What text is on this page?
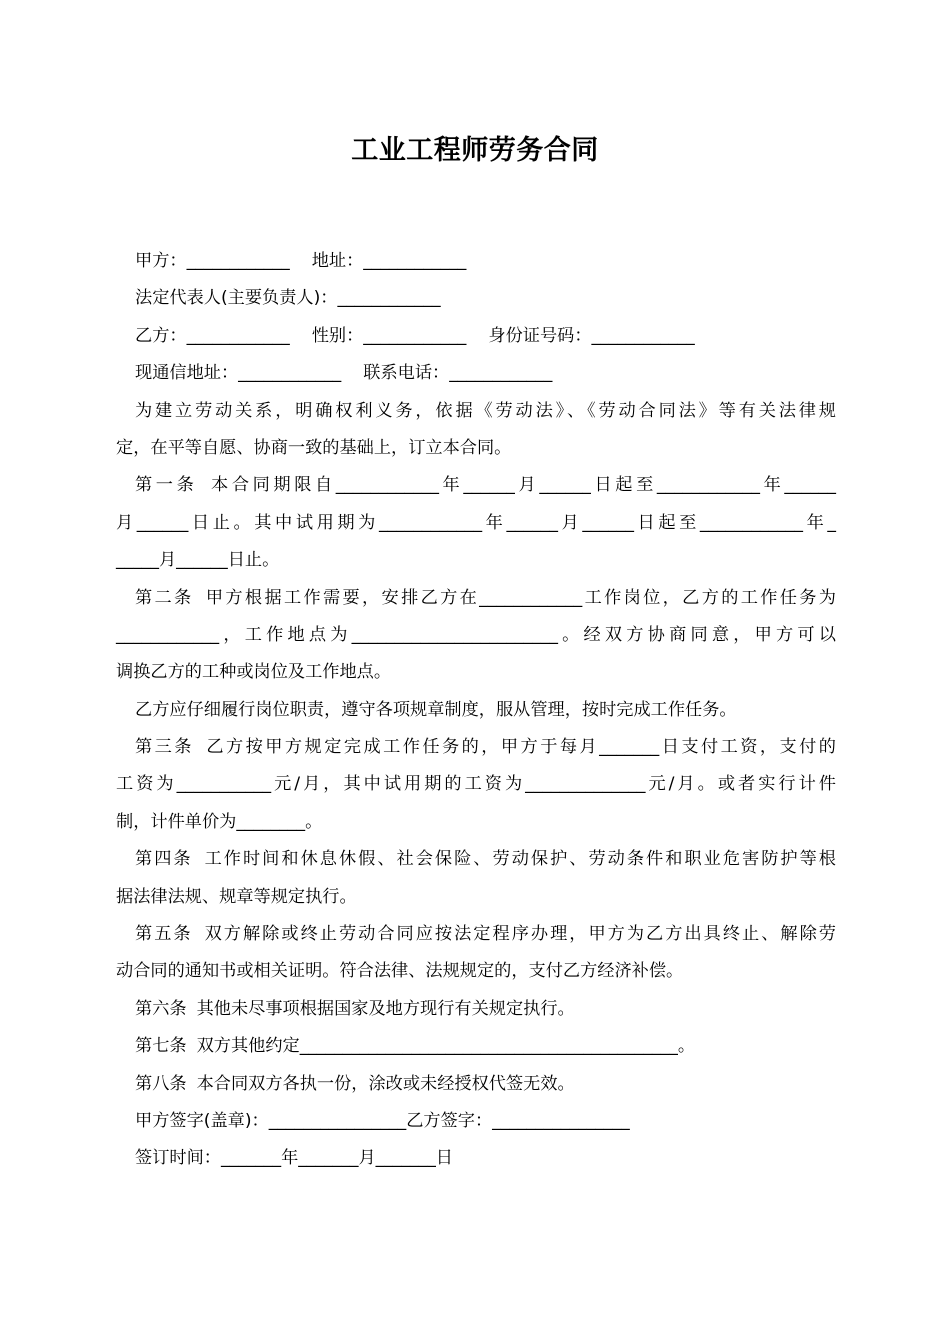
工业工程师劳务合同
甲方：____________ 地址：____________
法定代表人(主要负责人)：____________
乙方：____________ 性别：____________ 身份证号码：____________
现通信地址：____________ 联系电话：____________
为建立劳动关系，明确权利义务，依据《劳动法》、《劳动合同法》等有关法律规
定，在平等自愿、协商一致的基础上，订立本合同。
第一条 本合同期限自____________年______月______日起至____________年______
月______日止。其中试用期为____________年______月______日起至____________年_
_____月______日止。
第二条 甲方根据工作需要，安排乙方在____________工作岗位，乙方的工作任务为
____________，工作地点为________________________。经双方协商同意，甲方可以
调换乙方的工种或岗位及工作地点。
乙方应仔细履行岗位职责，遵守各项规章制度，服从管理，按时完成工作任务。
第三条 乙方按甲方规定完成工作任务的，甲方于每月_______日支付工资，支付的
工资为___________元/月，其中试用期的工资为______________元/月。或者实行计件
制，计件单价为________。
第四条 工作时间和休息休假、社会保险、劳动保护、劳动条件和职业危害防护等根
据法律法规、规章等规定执行。
第五条 双方解除或终止劳动合同应按法定程序办理，甲方为乙方出具终止、解除劳
动合同的通知书或相关证明。符合法律、法规规定的，支付乙方经济补偿。
第六条 其他未尽事项根据国家及地方现行有关规定执行。
第七条 双方其他约定____________________________________________。
第八条 本合同双方各执一份，涂改或未经授权代签无效。
甲方签字(盖章)：________________乙方签字：________________
签订时间：_______年_______月_______日
